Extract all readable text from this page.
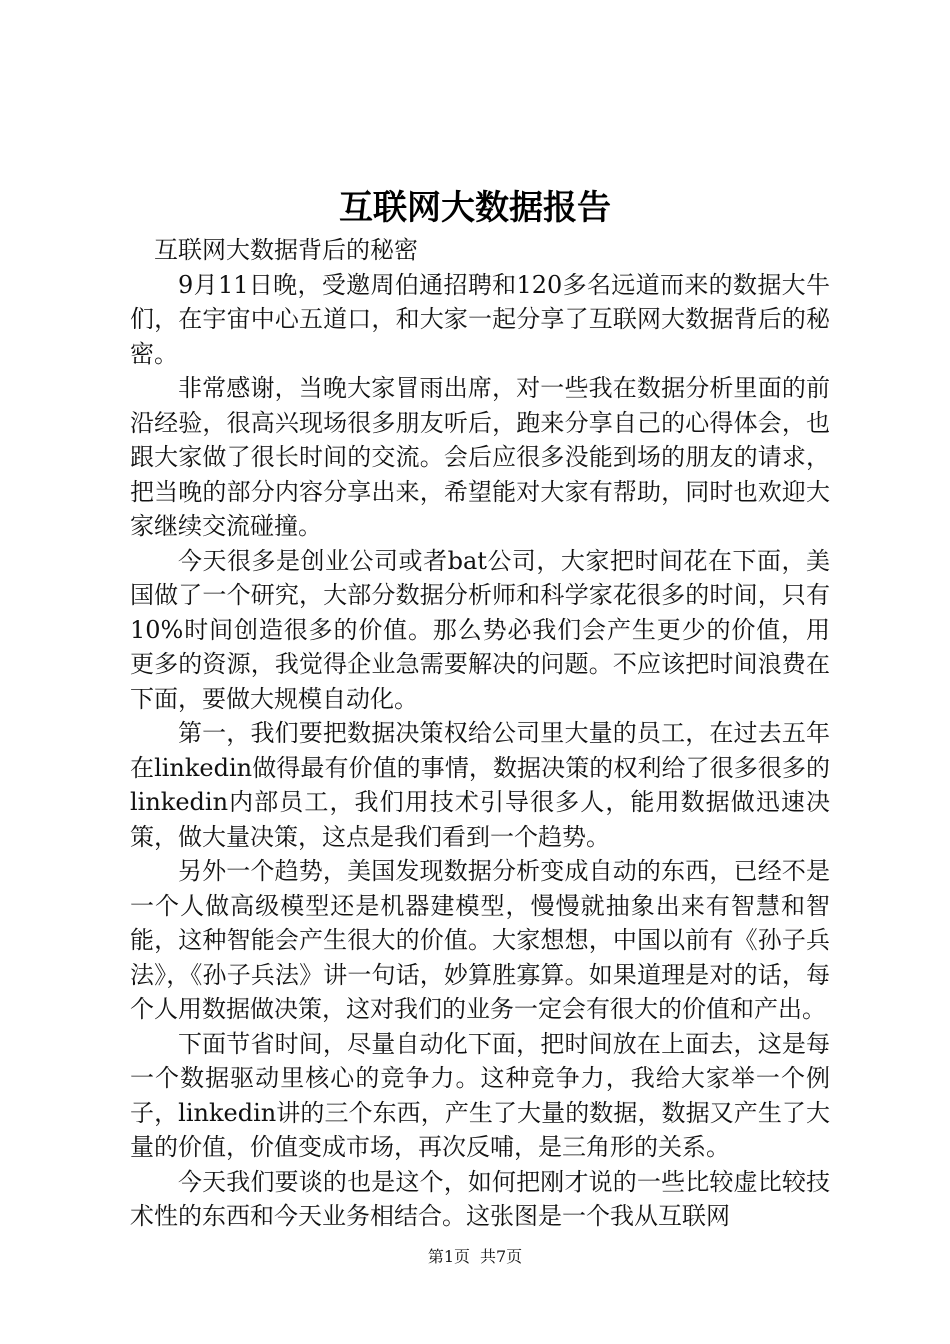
互联网大数据报告

互联网大数据背后的秘密

9月11日晚，受邀周伯通招聘和120多名远道而来的数据大牛们，在宇宙中心五道口，和大家一起分享了互联网大数据背后的秘密。

非常感谢，当晚大家冒雨出席，对一些我在数据分析里面的前沿经验，很高兴现场很多朋友听后，跑来分享自己的心得体会，也跟大家做了很长时间的交流。会后应很多没能到场的朋友的请求，把当晚的部分内容分享出来，希望能对大家有帮助，同时也欢迎大家继续交流碰撞。

今天很多是创业公司或者bat公司，大家把时间花在下面，美国做了一个研究，大部分数据分析师和科学家花很多的时间，只有10%时间创造很多的价值。那么势必我们会产生更少的价值，用更多的资源，我觉得企业急需要解决的问题。不应该把时间浪费在下面，要做大规模自动化。

第一，我们要把数据决策权给公司里大量的员工，在过去五年在linkedin做得最有价值的事情，数据决策的权利给了很多很多的linkedin内部员工，我们用技术引导很多人，能用数据做迅速决策，做大量决策，这点是我们看到一个趋势。

另外一个趋势，美国发现数据分析变成自动的东西，已经不是一个人做高级模型还是机器建模型，慢慢就抽象出来有智慧和智能，这种智能会产生很大的价值。大家想想，中国以前有《孙子兵法》，《孙子兵法》讲一句话，妙算胜寡算。如果道理是对的话，每个人用数据做决策，这对我们的业务一定会有很大的价值和产出。

下面节省时间，尽量自动化下面，把时间放在上面去，这是每一个数据驱动里核心的竞争力。这种竞争力，我给大家举一个例子，linkedin讲的三个东西，产生了大量的数据，数据又产生了大量的价值，价值变成市场，再次反哺，是三角形的关系。

今天我们要谈的也是这个，如何把刚才说的一些比较虚比较技术性的东西和今天业务相结合。这张图是一个我从互联网

第1页 共7页
